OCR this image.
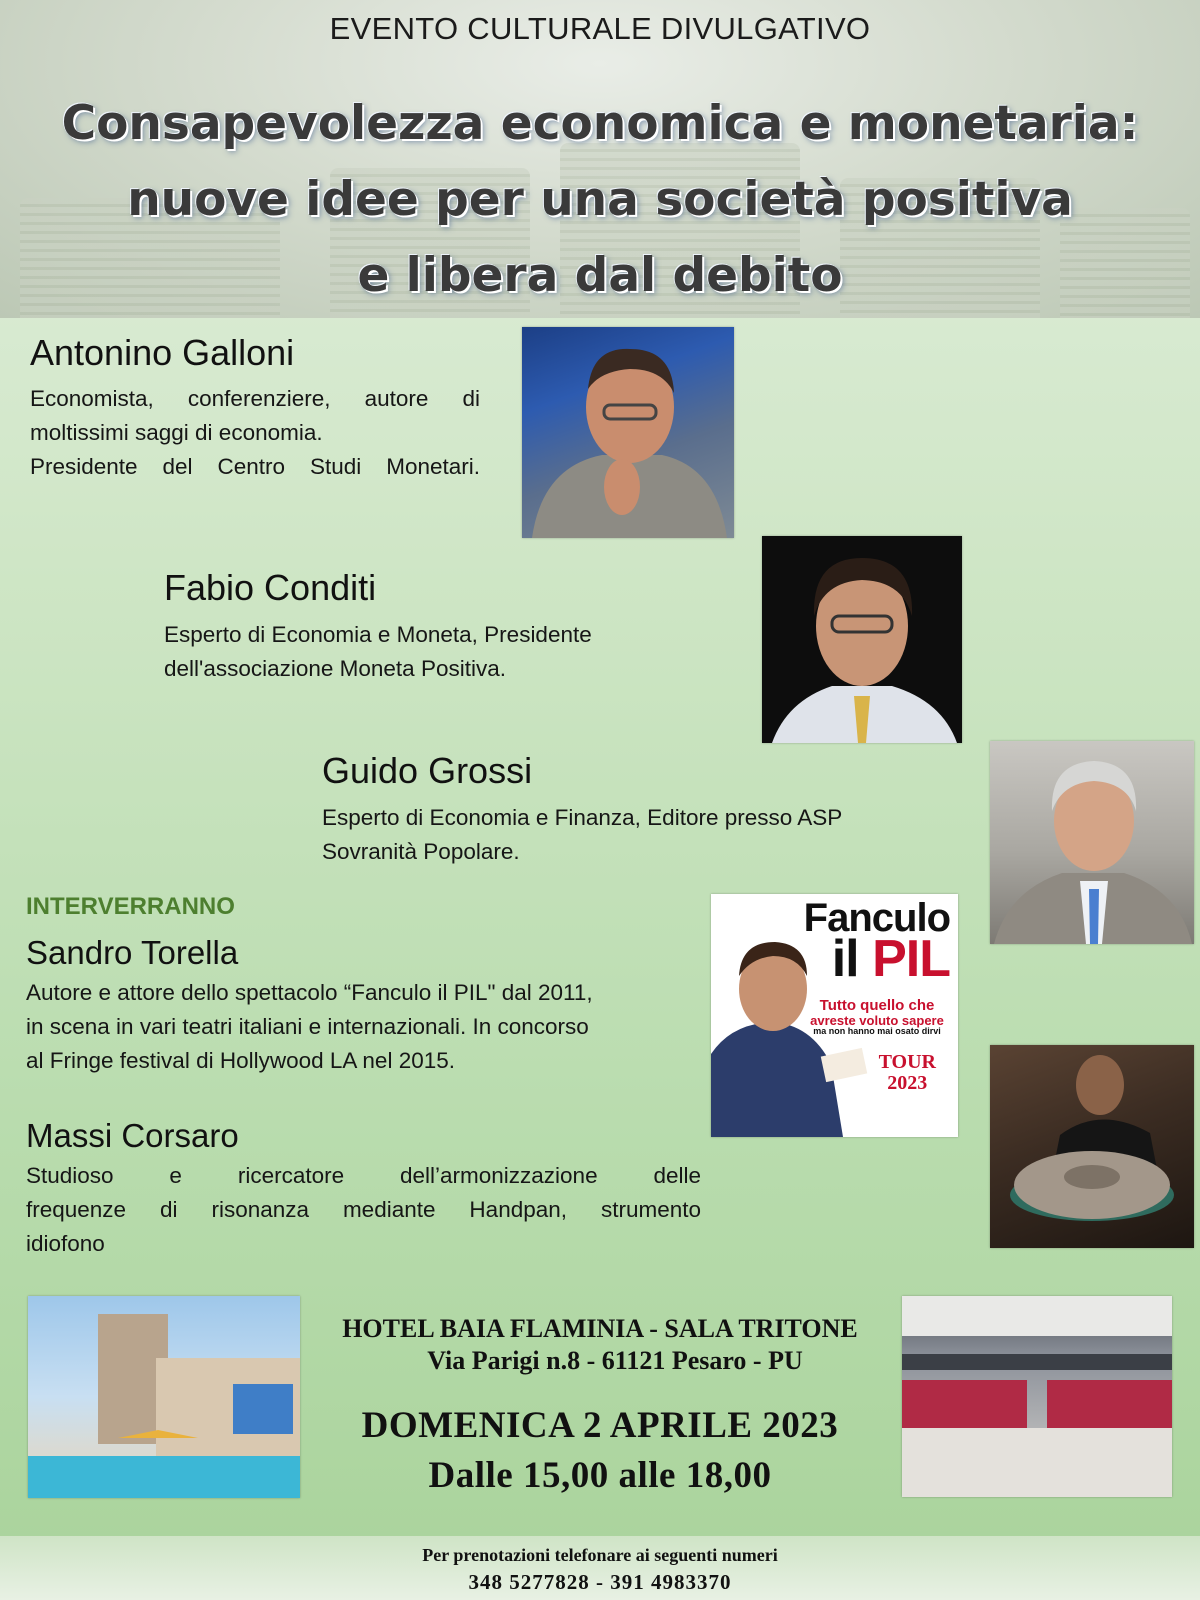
EVENTO CULTURALE DIVULGATIVO
Consapevolezza economica e monetaria:
nuove idee per una società positiva
e libera dal debito
Antonino Galloni
Economista, conferenziere, autore di
moltissimi saggi di economia.
Presidente del Centro Studi Monetari.
Fabio Conditi
Esperto di Economia e Moneta, Presidente
dell'associazione Moneta Positiva.
Guido Grossi
Esperto di Economia e Finanza, Editore presso ASP
Sovranità Popolare.
INTERVERRANNO
Sandro Torella
Autore e attore dello spettacolo “Fanculo il PIL" dal 2011,
in scena in vari teatri italiani e internazionali. In concorso
al Fringe festival di Hollywood LA nel 2015.
Fanculo
il PIL
Tutto quello che
avreste voluto sapere
ma non hanno mai osato dirvi
TOUR
2023
Massi Corsaro
Studioso e ricercatore dell’armonizzazione delle
frequenze di risonanza mediante Handpan, strumento
idiofono
HOTEL BAIA FLAMINIA - SALA TRITONE
Via Parigi n.8 - 61121 Pesaro - PU
DOMENICA 2 APRILE 2023
Dalle 15,00 alle 18,00
Per prenotazioni telefonare ai seguenti numeri
348 5277828 - 391 4983370
